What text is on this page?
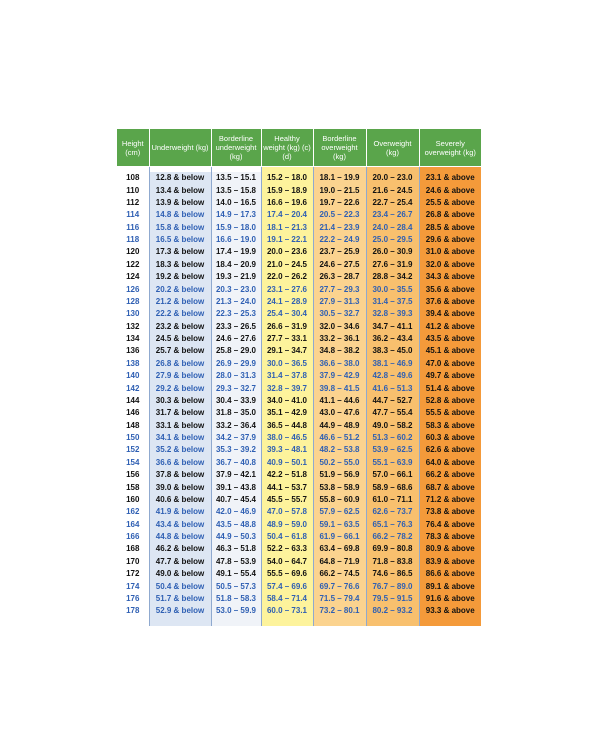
Height (cm)	Underweight (kg)	Borderline underweight (kg)	Healthy weight (kg) (c) (d)	Borderline overweight (kg)	Overweight (kg)	Severely overweight (kg)

108	12.8 & below	13.5 – 15.1	15.2 – 18.0	18.1 – 19.9	20.0 – 23.0	23.1 & above
110	13.4 & below	13.5 – 15.8	15.9 – 18.9	19.0 – 21.5	21.6 – 24.5	24.6 & above
112	13.9 & below	14.0 – 16.5	16.6 – 19.6	19.7 – 22.6	22.7 – 25.4	25.5 & above
114	14.8 & below	14.9 – 17.3	17.4 – 20.4	20.5 – 22.3	23.4 – 26.7	26.8 & above
116	15.8 & below	15.9 – 18.0	18.1 – 21.3	21.4 – 23.9	24.0 – 28.4	28.5 & above
118	16.5 & below	16.6 – 19.0	19.1 – 22.1	22.2 – 24.9	25.0 – 29.5	29.6 & above
120	17.3 & below	17.4 – 19.9	20.0 – 23.6	23.7 – 25.9	26.0 – 30.9	31.0 & above
122	18.3 & below	18.4 – 20.9	21.0 – 24.5	24.6 – 27.5	27.6 – 31.9	32.0 & above
124	19.2 & below	19.3 – 21.9	22.0 – 26.2	26.3 – 28.7	28.8 – 34.2	34.3 & above
126	20.2 & below	20.3 – 23.0	23.1 – 27.6	27.7 – 29.3	30.0 – 35.5	35.6 & above
128	21.2 & below	21.3 – 24.0	24.1 – 28.9	27.9 – 31.3	31.4 – 37.5	37.6 & above
130	22.2 & below	22.3 – 25.3	25.4 – 30.4	30.5 – 32.7	32.8 – 39.3	39.4 & above
132	23.2 & below	23.3 – 26.5	26.6 – 31.9	32.0 – 34.6	34.7 – 41.1	41.2 & above
134	24.5 & below	24.6 – 27.6	27.7 – 33.1	33.2 – 36.1	36.2 – 43.4	43.5 & above
136	25.7 & below	25.8 – 29.0	29.1 – 34.7	34.8 – 38.2	38.3 – 45.0	45.1 & above
138	26.8 & below	26.9 – 29.9	30.0 – 36.5	36.6 – 38.0	38.1 – 46.9	47.0 & above
140	27.9 & below	28.0 – 31.3	31.4 – 37.8	37.9 – 42.9	42.8 – 49.6	49.7 & above
142	29.2 & below	29.3 – 32.7	32.8 – 39.7	39.8 – 41.5	41.6 – 51.3	51.4 & above
144	30.3 & below	30.4 – 33.9	34.0 – 41.0	41.1 – 44.6	44.7 – 52.7	52.8 & above
146	31.7 & below	31.8 – 35.0	35.1 – 42.9	43.0 – 47.6	47.7 – 55.4	55.5 & above
148	33.1 & below	33.2 – 36.4	36.5 – 44.8	44.9 – 48.9	49.0 – 58.2	58.3 & above
150	34.1 & below	34.2 – 37.9	38.0 – 46.5	46.6 – 51.2	51.3 – 60.2	60.3 & above
152	35.2 & below	35.3 – 39.2	39.3 – 48.1	48.2 – 53.8	53.9 – 62.5	62.6 & above
154	36.6 & below	36.7 – 40.8	40.9 – 50.1	50.2 – 55.0	55.1 – 63.9	64.0 & above
156	37.8 & below	37.9 – 42.1	42.2 – 51.8	51.9 – 56.9	57.0 – 66.1	66.2 & above
158	39.0 & below	39.1 – 43.8	44.1 – 53.7	53.8 – 58.9	58.9 – 68.6	68.7 & above
160	40.6 & below	40.7 – 45.4	45.5 – 55.7	55.8 – 60.9	61.0 – 71.1	71.2 & above
162	41.9 & below	42.0 – 46.9	47.0 – 57.8	57.9 – 62.5	62.6 – 73.7	73.8 & above
164	43.4 & below	43.5 – 48.8	48.9 – 59.0	59.1 – 63.5	65.1 – 76.3	76.4 & above
166	44.8 & below	44.9 – 50.3	50.4 – 61.8	61.9 – 66.1	66.2 – 78.2	78.3 & above
168	46.2 & below	46.3 – 51.8	52.2 – 63.3	63.4 – 69.8	69.9 – 80.8	80.9 & above
170	47.7 & below	47.8 – 53.9	54.0 – 64.7	64.8 – 71.9	71.8 – 83.8	83.9 & above
172	49.0 & below	49.1 – 55.4	55.5 – 69.6	66.2 – 74.5	74.6 – 86.5	86.6 & above
174	50.4 & below	50.5 – 57.3	57.4 – 69.6	69.7 – 76.6	76.7 – 89.0	89.1 & above
176	51.7 & below	51.8 – 58.3	58.4 – 71.4	71.5 – 79.4	79.5 – 91.5	91.6 & above
178	52.9 & below	53.0 – 59.9	60.0 – 73.1	73.2 – 80.1	80.2 – 93.2	93.3 & above
